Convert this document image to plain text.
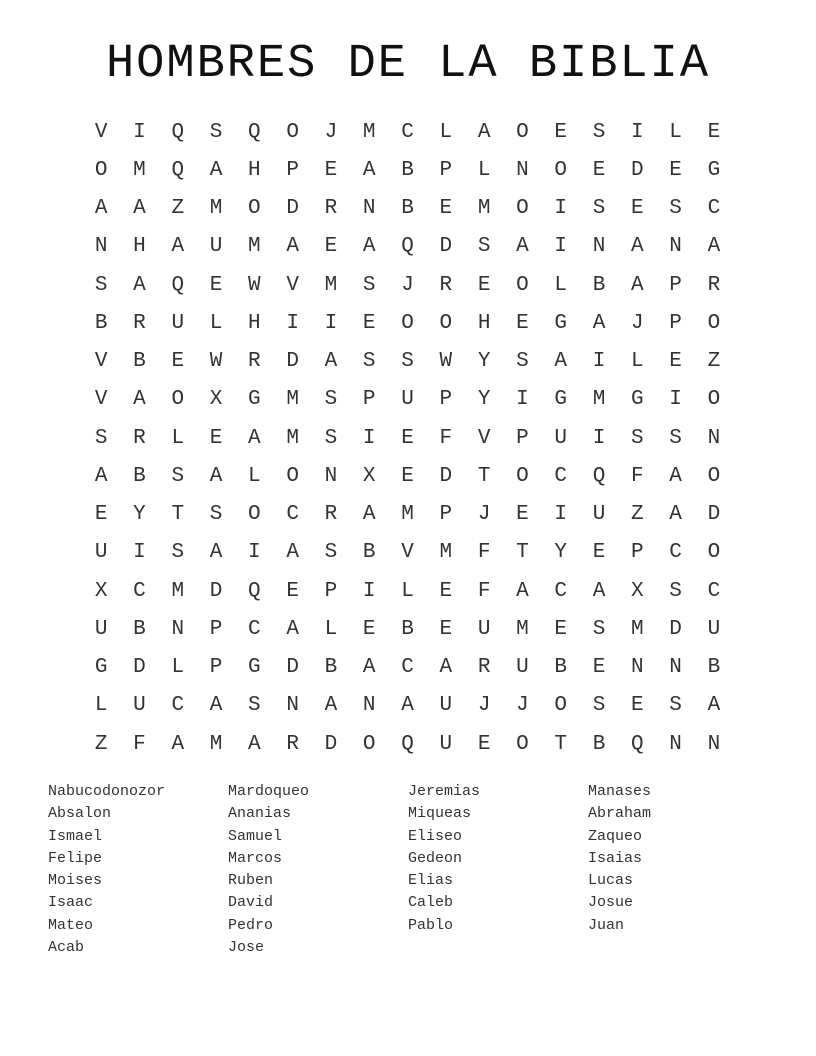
HOMBRES DE LA BIBLIA
V	I	Q	S	Q	O	J	M	C	L	A	O	E	S	I	L	E
O	M	Q	A	H	P	E	A	B	P	L	N	O	E	D	E	G
A	A	Z	M	O	D	R	N	B	E	M	O	I	S	E	S	C
N	H	A	U	M	A	E	A	Q	D	S	A	I	N	A	N	A
S	A	Q	E	W	V	M	S	J	R	E	O	L	B	A	P	R
B	R	U	L	H	I	I	E	O	O	H	E	G	A	J	P	O
V	B	E	W	R	D	A	S	S	W	Y	S	A	I	L	E	Z
V	A	O	X	G	M	S	P	U	P	Y	I	G	M	G	I	O
S	R	L	E	A	M	S	I	E	F	V	P	U	I	S	S	N
A	B	S	A	L	O	N	X	E	D	T	O	C	Q	F	A	O
E	Y	T	S	O	C	R	A	M	P	J	E	I	U	Z	A	D
U	I	S	A	I	A	S	B	V	M	F	T	Y	E	P	C	O
X	C	M	D	Q	E	P	I	L	E	F	A	C	A	X	S	C
U	B	N	P	C	A	L	E	B	E	U	M	E	S	M	D	U
G	D	L	P	G	D	B	A	C	A	R	U	B	E	N	N	B
L	U	C	A	S	N	A	N	A	U	J	J	O	S	E	S	A
Z	F	A	M	A	R	D	O	Q	U	E	O	T	B	Q	N	N
Nabucodonozor
Absalon
Ismael
Felipe
Moises
Isaac
Mateo
Acab
Mardoqueo
Ananias
Samuel
Marcos
Ruben
David
Pedro
Jose
Jeremias
Miqueas
Eliseo
Gedeon
Elias
Caleb
Pablo
Manases
Abraham
Zaqueo
Isaias
Lucas
Josue
Juan
